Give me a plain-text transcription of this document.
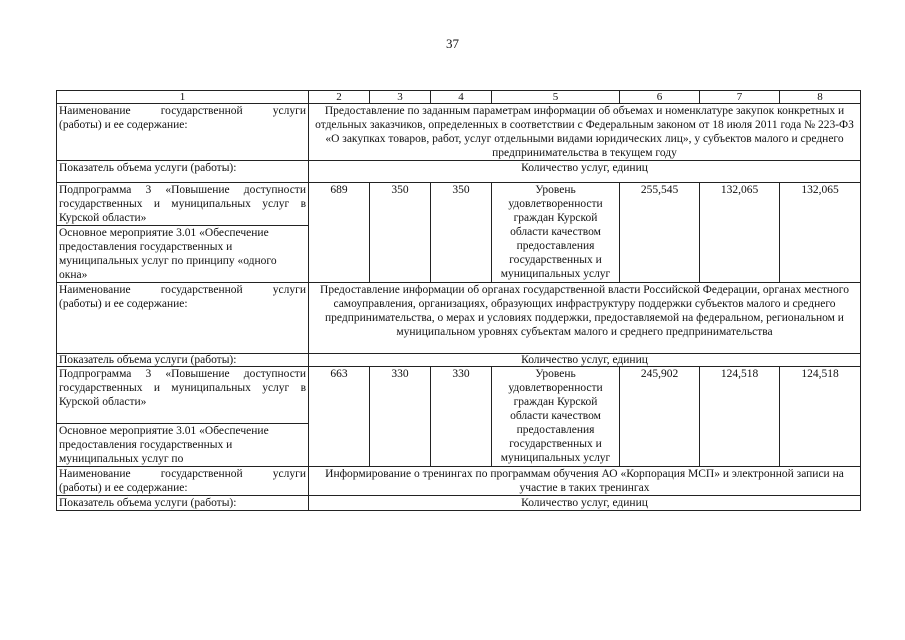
37
1	2	3	4	5	6	7	8

Наименование государственной услуги
(работы) и ее содержание:	Предоставление по заданным параметрам информации об объемах и номенклатуре закупок конкретных и отдельных заказчиков, определенных в соответствии с Федеральным законом от 18 июля 2011 года № 223-ФЗ «О закупках товаров, работ, услуг отдельными видами юридических лиц», у субъектов малого и среднего предпринимательства в текущем году						
Показатель объема услуги (работы):	Количество услуг, единиц						
Подпрограмма 3 «Повышение доступности государственных и муниципальных услуг в Курской области»	689	350	350	Уровень удовлетворенности граждан Курской области качеством предоставления государственных и муниципальных услуг	255,545	132,065	132,065
Основное мероприятие 3.01 «Обеспечение предоставления государственных и муниципальных услуг по принципу «одного окна»							

Наименование государственной услуги
(работы) и ее содержание:	Предоставление информации об органах государственной власти Российской Федерации, органах местного самоуправления, организациях, образующих инфраструктуру поддержки субъектов малого и среднего предпринимательства, о мерах и условиях поддержки, предоставляемой на федеральном, региональном и муниципальном уровнях субъектам малого и среднего предпринимательства						
Показатель объема услуги (работы):	Количество услуг, единиц						
Подпрограмма 3 «Повышение доступности государственных и муниципальных услуг в Курской области»	663	330	330	Уровень удовлетворенности граждан Курской области качеством предоставления государственных и муниципальных услуг	245,902	124,518	124,518
Основное мероприятие 3.01 «Обеспечение предоставления государственных и муниципальных услуг по							

Наименование государственной услуги
(работы) и ее содержание:	Информирование о тренингах по программам обучения АО «Корпорация МСП» и электронной записи на участие в таких тренингах						
Показатель объема услуги (работы):	Количество услуг, единиц						
